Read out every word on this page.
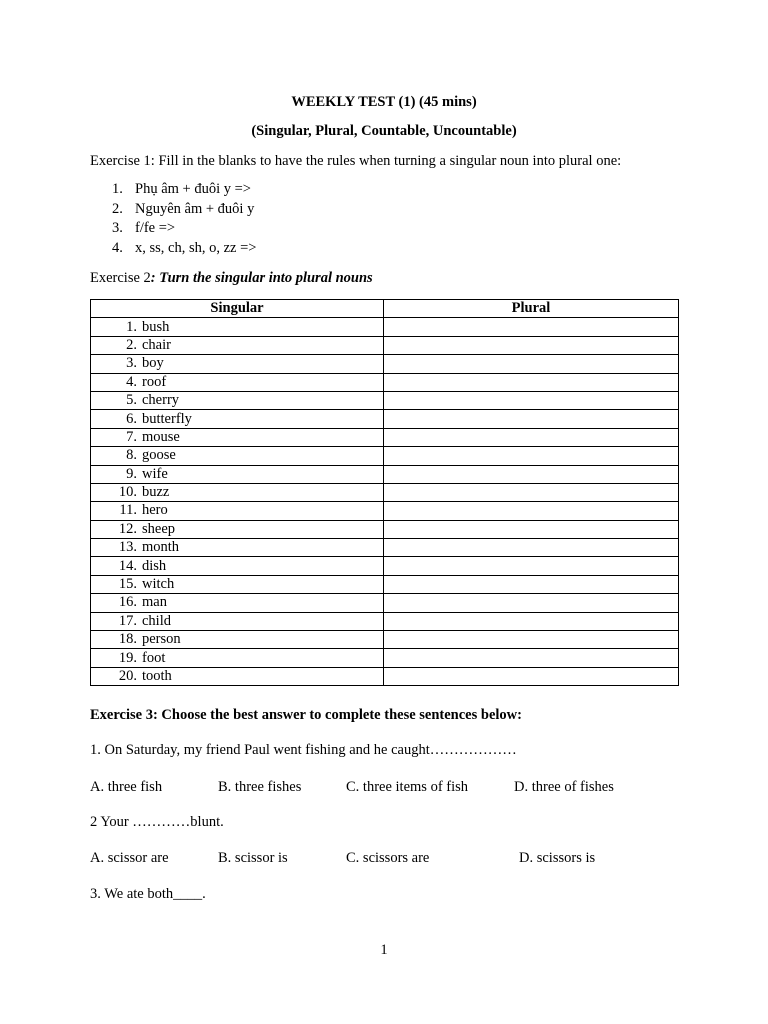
WEEKLY TEST (1) (45 mins)
(Singular, Plural, Countable, Uncountable)
Exercise 1: Fill in the blanks to have the rules when turning a singular noun into plural one:
1. Phụ âm + đuôi y =>
2. Nguyên âm + đuôi y
3. f/fe =>
4. x, ss, ch, sh, o, zz =>
Exercise 2: Turn the singular into plural nouns
Singular	Plural

1. bush	

2. chair	

3. boy	

4. roof	

5. cherry	

6. butterfly	

7. mouse	

8. goose	

9. wife	

10. buzz	

11. hero	

12. sheep	

13. month	

14. dish	

15. witch	

16. man	

17. child	

18. person	

19. foot	

20. tooth	

Exercise 3: Choose the best answer to complete these sentences below:
1. On Saturday, my friend Paul went fishing and he caught………………
A. three fish	B. three fishes	C. three items of fish	D. three of fishes
2 Your …………blunt.
A. scissor are	B. scissor is	C. scissors are	D. scissors is
3. We ate both____.
1
